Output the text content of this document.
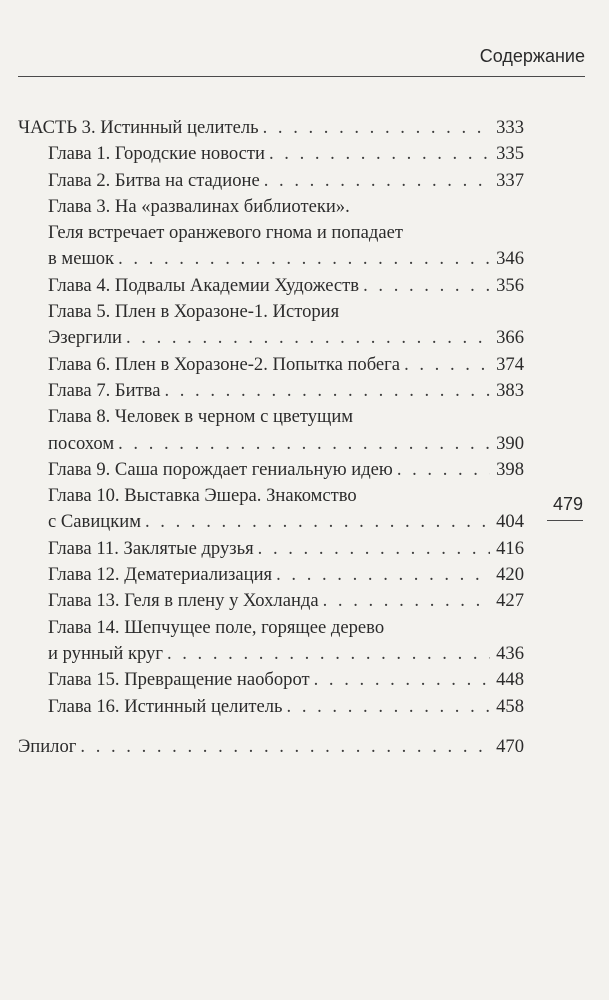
Содержание
ЧАСТЬ 3. Истинный целитель . . .	333
Глава 1. Городские новости . . .	335
Глава 2. Битва на стадионе . . .	337
Глава 3. На «развалинах библиотеки».
Геля встречает оранжевого гнома и попадает
в мешок . . .	346
Глава 4. Подвалы Академии Художеств . . .	356
Глава 5. Плен в Хоразоне-1. История
Эзергили . . .	366
Глава 6. Плен в Хоразоне-2. Попытка побега . . .	374
Глава 7. Битва . . .	383
Глава 8. Человек в черном с цветущим
посохом . . .	390
Глава 9. Саша порождает гениальную идею . . .	398
Глава 10. Выставка Эшера. Знакомство
с Савицким . . .	404
Глава 11. Заклятые друзья . . .	416
Глава 12. Дематериализация . . .	420
Глава 13. Геля в плену у Хохланда . . .	427
Глава 14. Шепчущее поле, горящее дерево
и рунный круг . . .	436
Глава 15. Превращение наоборот . . .	448
Глава 16. Истинный целитель . . .	458
Эпилог . . .	470
479
